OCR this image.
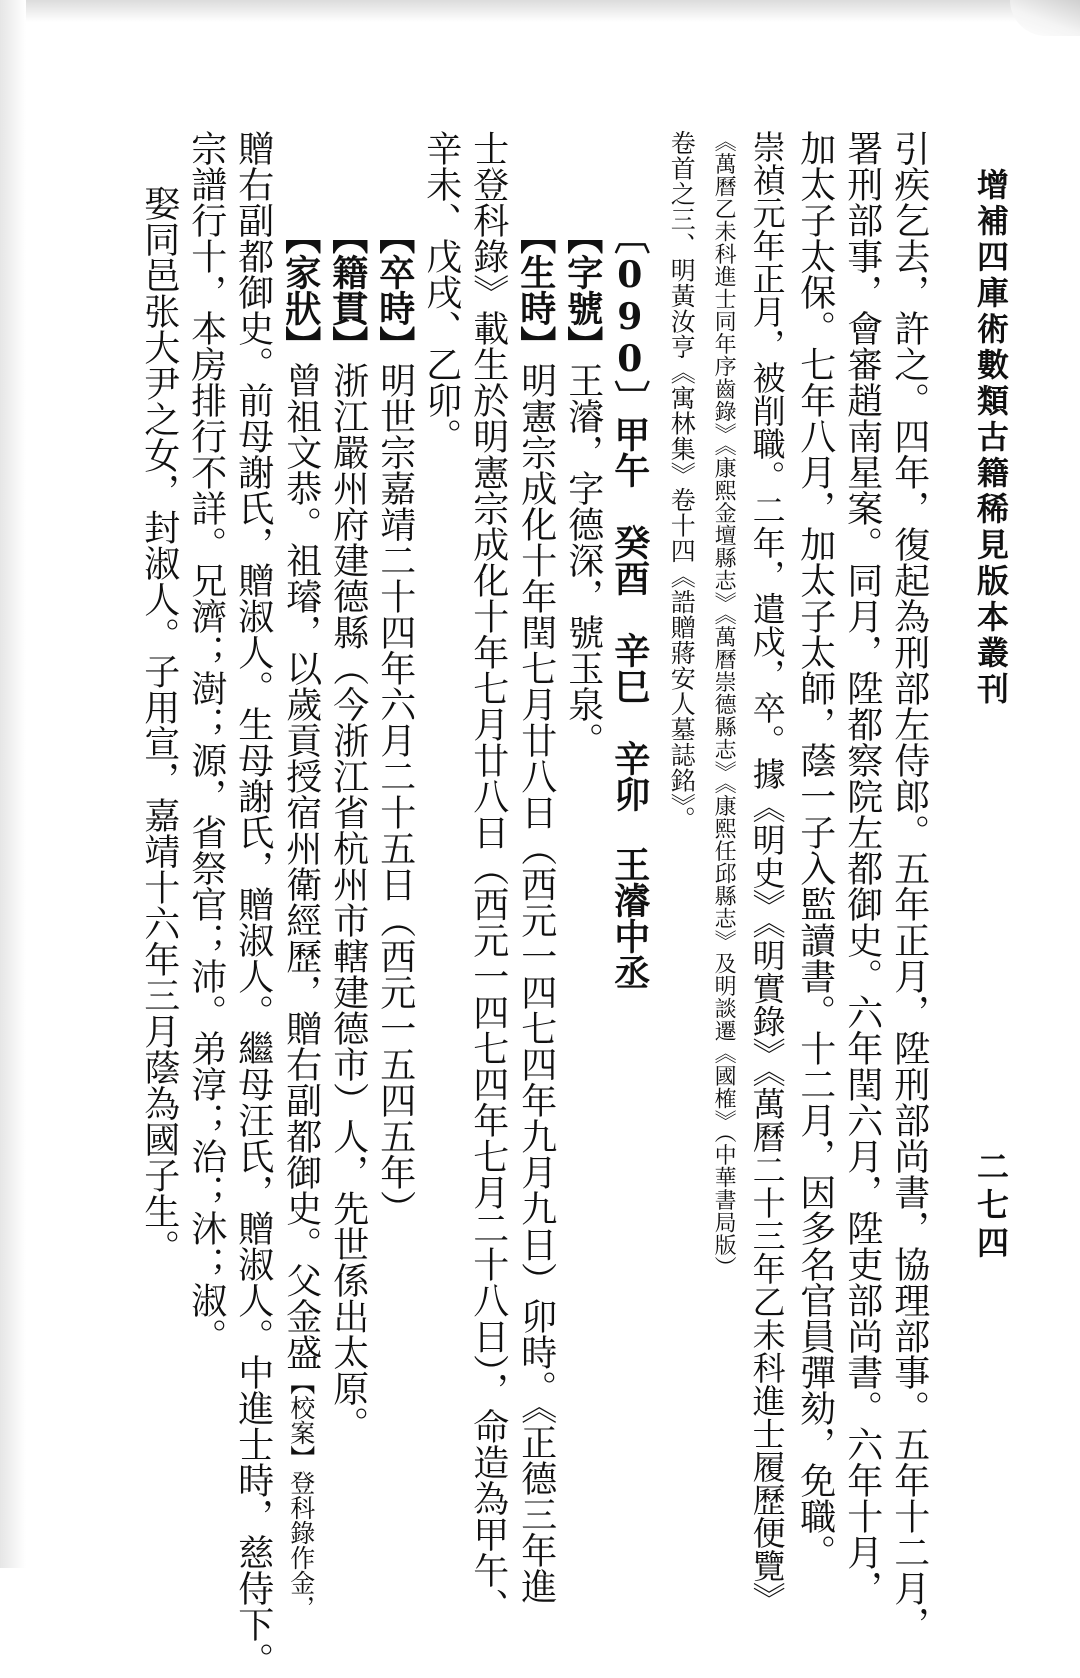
增補四庫術數類古籍稀見版本叢刊
二七四
引疾乞去，許之。四年，復起為刑部左侍郎。五年正月，陞刑部尚書，協理部事。五年十二月，
署刑部事，會審趙南星案。同月，陞都察院左都御史。六年閏六月，陞吏部尚書。六年十月，
加太子太保。七年八月，加太子太師，蔭一子入監讀書。十二月，因多名官員彈劾，免職。
崇禎元年正月，被削職。二年，遣戍，卒。據《明史》《明實錄》《萬曆二十三年乙未科進士履歷便覽》
《萬曆乙未科進士同年序齒錄》《康熙金壇縣志》《萬曆崇德縣志》《康熙任邱縣志》及明談遷《國榷》（中華書局版）
卷首之三、明黃汝亨《寓林集》卷十四《誥贈蔣安人墓誌銘》。
〔090〕甲午　癸酉　辛巳　辛卯王濬中丞
【字號】王濬，字德深，號玉泉。
【生時】明憲宗成化十年閏七月廿八日（西元一四七四年九月九日）卯時。《正德三年進
士登科錄》載生於明憲宗成化十年七月廿八日（西元一四七四年七月二十八日），命造為甲午、
辛未、戊戌、乙卯。
【卒時】明世宗嘉靖二十四年六月二十五日（西元一五四五年）
【籍貫】浙江嚴州府建德縣（今浙江省杭州市轄建德市）人，先世係出太原。
【家狀】曾祖文恭。祖璿，以歲貢授宿州衛經歷，贈右副都御史。父金盛【校案】登科錄作金，
贈右副都御史。前母謝氏，贈淑人。生母謝氏，贈淑人。繼母汪氏，贈淑人。中進士時，慈侍下。
宗譜行十，本房排行不詳。兄濟；澍；源，省祭官；沛。弟淳；治；沐；淑。
娶同邑张大尹之女，封淑人。子用宣，嘉靖十六年三月蔭為國子生。
